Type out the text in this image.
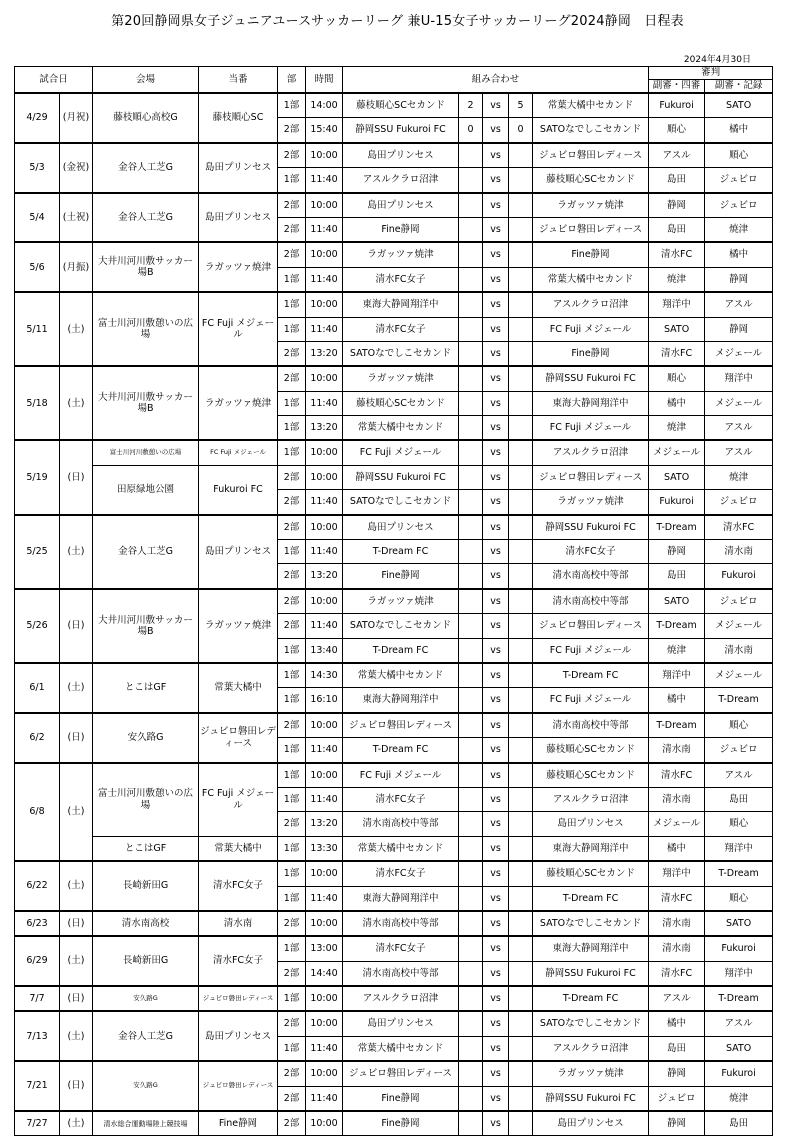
第20回静岡県女子ジュニアユースサッカーリーグ 兼U-15女子サッカーリーグ2024静岡　日程表
2024年4月30日
試合日		会場	当番	部	時間	組み合わせ					審判	
											副審・四審	副審・記録
4/29	(月祝)	藤枝順心高校G	藤枝順心SC	1部	14:00	藤枝順心SCセカンド	2	vs	5	常葉大橘中セカンド	Fukuroi	SATO
				2部	15:40	静岡SSU Fukuroi FC	0	vs	0	SATOなでしこセカンド	順心	橘中
5/3	(金祝)	金谷人工芝G	島田プリンセス	2部	10:00	島田プリンセス		vs		ジュビロ磐田レディース	アスル	順心
				1部	11:40	アスルクラロ沼津		vs		藤枝順心SCセカンド	島田	ジュビロ
5/4	(土祝)	金谷人工芝G	島田プリンセス	2部	10:00	島田プリンセス		vs		ラガッツァ焼津	静岡	ジュビロ
				2部	11:40	Fine静岡		vs		ジュビロ磐田レディース	島田	焼津
5/6	(月振)	大井川河川敷サッカー場B	ラガッツァ焼津	2部	10:00	ラガッツァ焼津		vs		Fine静岡	清水FC	橘中
				1部	11:40	清水FC女子		vs		常葉大橘中セカンド	焼津	静岡
5/11	(土)	富士川河川敷憩いの広場	FC Fuji メジェール	1部	10:00	東海大静岡翔洋中		vs		アスルクラロ沼津	翔洋中	アスル
				1部	11:40	清水FC女子		vs		FC Fuji メジェール	SATO	静岡
				2部	13:20	SATOなでしこセカンド		vs		Fine静岡	清水FC	メジェール
5/18	(土)	大井川河川敷サッカー場B	ラガッツァ焼津	2部	10:00	ラガッツァ焼津		vs		静岡SSU Fukuroi FC	順心	翔洋中
				1部	11:40	藤枝順心SCセカンド		vs		東海大静岡翔洋中	橘中	メジェール
				1部	13:20	常葉大橘中セカンド		vs		FC Fuji メジェール	焼津	アスル
5/19	(日)	富士川河川敷憩いの広場	FC Fuji メジェール	1部	10:00	FC Fuji メジェール		vs		アスルクラロ沼津	メジェール	アスル
		田原緑地公園	Fukuroi FC	2部	10:00	静岡SSU Fukuroi FC		vs		ジュビロ磐田レディース	SATO	焼津
				2部	11:40	SATOなでしこセカンド		vs		ラガッツァ焼津	Fukuroi	ジュビロ
5/25	(土)	金谷人工芝G	島田プリンセス	2部	10:00	島田プリンセス		vs		静岡SSU Fukuroi FC	T-Dream	清水FC
				1部	11:40	T-Dream FC		vs		清水FC女子	静岡	清水南
				2部	13:20	Fine静岡		vs		清水南高校中等部	島田	Fukuroi
5/26	(日)	大井川河川敷サッカー場B	ラガッツァ焼津	2部	10:00	ラガッツァ焼津		vs		清水南高校中等部	SATO	ジュビロ
				2部	11:40	SATOなでしこセカンド		vs		ジュビロ磐田レディース	T-Dream	メジェール
				1部	13:40	T-Dream FC		vs		FC Fuji メジェール	焼津	清水南
6/1	(土)	とこはGF	常葉大橘中	1部	14:30	常葉大橘中セカンド		vs		T-Dream FC	翔洋中	メジェール
				1部	16:10	東海大静岡翔洋中		vs		FC Fuji メジェール	橘中	T-Dream
6/2	(日)	安久路G	ジュビロ磐田レディース	2部	10:00	ジュビロ磐田レディース		vs		清水南高校中等部	T-Dream	順心
				1部	11:40	T-Dream FC		vs		藤枝順心SCセカンド	清水南	ジュビロ
6/8	(土)	富士川河川敷憩いの広場	FC Fuji メジェール	1部	10:00	FC Fuji メジェール		vs		藤枝順心SCセカンド	清水FC	アスル
				1部	11:40	清水FC女子		vs		アスルクラロ沼津	清水南	島田
				2部	13:20	清水南高校中等部		vs		島田プリンセス	メジェール	順心
		とこはGF	常葉大橘中	1部	13:30	常葉大橘中セカンド		vs		東海大静岡翔洋中	橘中	翔洋中
6/22	(土)	長崎新田G	清水FC女子	1部	10:00	清水FC女子		vs		藤枝順心SCセカンド	翔洋中	T-Dream
				1部	11:40	東海大静岡翔洋中		vs		T-Dream FC	清水FC	順心
6/23	(日)	清水南高校	清水南	2部	10:00	清水南高校中等部		vs		SATOなでしこセカンド	清水南	SATO
6/29	(土)	長崎新田G	清水FC女子	1部	13:00	清水FC女子		vs		東海大静岡翔洋中	清水南	Fukuroi
				2部	14:40	清水南高校中等部		vs		静岡SSU Fukuroi FC	清水FC	翔洋中
7/7	(日)	安久路G	ジュビロ磐田レディース	1部	10:00	アスルクラロ沼津		vs		T-Dream FC	アスル	T-Dream
7/13	(土)	金谷人工芝G	島田プリンセス	2部	10:00	島田プリンセス		vs		SATOなでしこセカンド	橘中	アスル
				1部	11:40	常葉大橘中セカンド		vs		アスルクラロ沼津	島田	SATO
7/21	(日)	安久路G	ジュビロ磐田レディース	2部	10:00	ジュビロ磐田レディース		vs		ラガッツァ焼津	静岡	Fukuroi
				2部	11:40	Fine静岡		vs		静岡SSU Fukuroi FC	ジュビロ	焼津
7/27	(土)	清水総合運動場陸上競技場	Fine静岡	2部	10:00	Fine静岡		vs		島田プリンセス	静岡	島田
